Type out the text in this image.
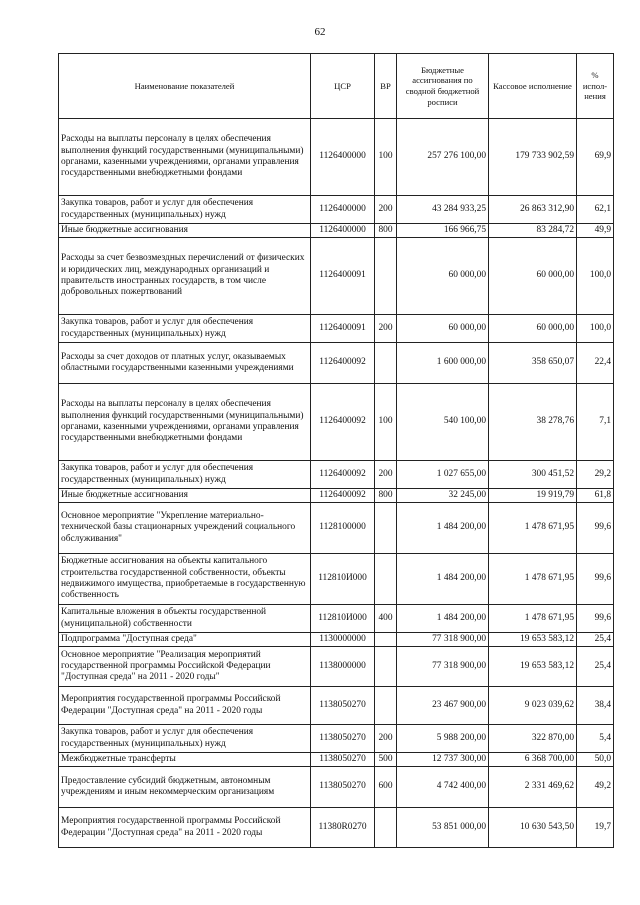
62
Наименование показателей	ЦСР	ВР	Бюджетные ассигнования по сводной бюджетной росписи	Кассовое исполнение	% испол-нения
Расходы на выплаты персоналу в целях обеспечения выполнения функций государственными (муниципальными) органами, казенными учреждениями, органами управления государственными внебюджетными фондами	1126400000	100	257 276 100,00	179 733 902,59	69,9
Закупка товаров, работ и услуг для обеспечения государственных (муниципальных) нужд	1126400000	200	43 284 933,25	26 863 312,90	62,1
Иные бюджетные ассигнования	1126400000	800	166 966,75	83 284,72	49,9
Расходы за счет безвозмездных перечислений от физических и юридических лиц, международных организаций и правительств иностранных государств, в том числе добровольных пожертвований	1126400091		60 000,00	60 000,00	100,0
Закупка товаров, работ и услуг для обеспечения государственных (муниципальных) нужд	1126400091	200	60 000,00	60 000,00	100,0
Расходы за счет доходов от платных услуг, оказываемых областными государственными казенными учреждениями	1126400092		1 600 000,00	358 650,07	22,4
Расходы на выплаты персоналу в целях обеспечения выполнения функций государственными (муниципальными) органами, казенными учреждениями, органами управления государственными внебюджетными фондами	1126400092	100	540 100,00	38 278,76	7,1
Закупка товаров, работ и услуг для обеспечения государственных (муниципальных) нужд	1126400092	200	1 027 655,00	300 451,52	29,2
Иные бюджетные ассигнования	1126400092	800	32 245,00	19 919,79	61,8
Основное мероприятие "Укрепление материально-технической базы стационарных учреждений социального обслуживания"	1128100000		1 484 200,00	1 478 671,95	99,6
Бюджетные ассигнования на объекты капитального строительства государственной собственности, объекты недвижимого имущества, приобретаемые в государственную собственность	112810И000		1 484 200,00	1 478 671,95	99,6
Капитальные вложения в объекты государственной (муниципальной) собственности	112810И000	400	1 484 200,00	1 478 671,95	99,6
Подпрограмма "Доступная среда"	1130000000		77 318 900,00	19 653 583,12	25,4
Основное мероприятие "Реализация мероприятий государственной программы Российской Федерации "Доступная среда" на 2011 - 2020 годы"	1138000000		77 318 900,00	19 653 583,12	25,4
Мероприятия государственной программы Российской Федерации "Доступная среда" на 2011 - 2020 годы	1138050270		23 467 900,00	9 023 039,62	38,4
Закупка товаров, работ и услуг для обеспечения государственных (муниципальных) нужд	1138050270	200	5 988 200,00	322 870,00	5,4
Межбюджетные трансферты	1138050270	500	12 737 300,00	6 368 700,00	50,0
Предоставление субсидий бюджетным, автономным учреждениям и иным некоммерческим организациям	1138050270	600	4 742 400,00	2 331 469,62	49,2
Мероприятия государственной программы Российской Федерации "Доступная среда" на 2011 - 2020 годы	11380R0270		53 851 000,00	10 630 543,50	19,7
